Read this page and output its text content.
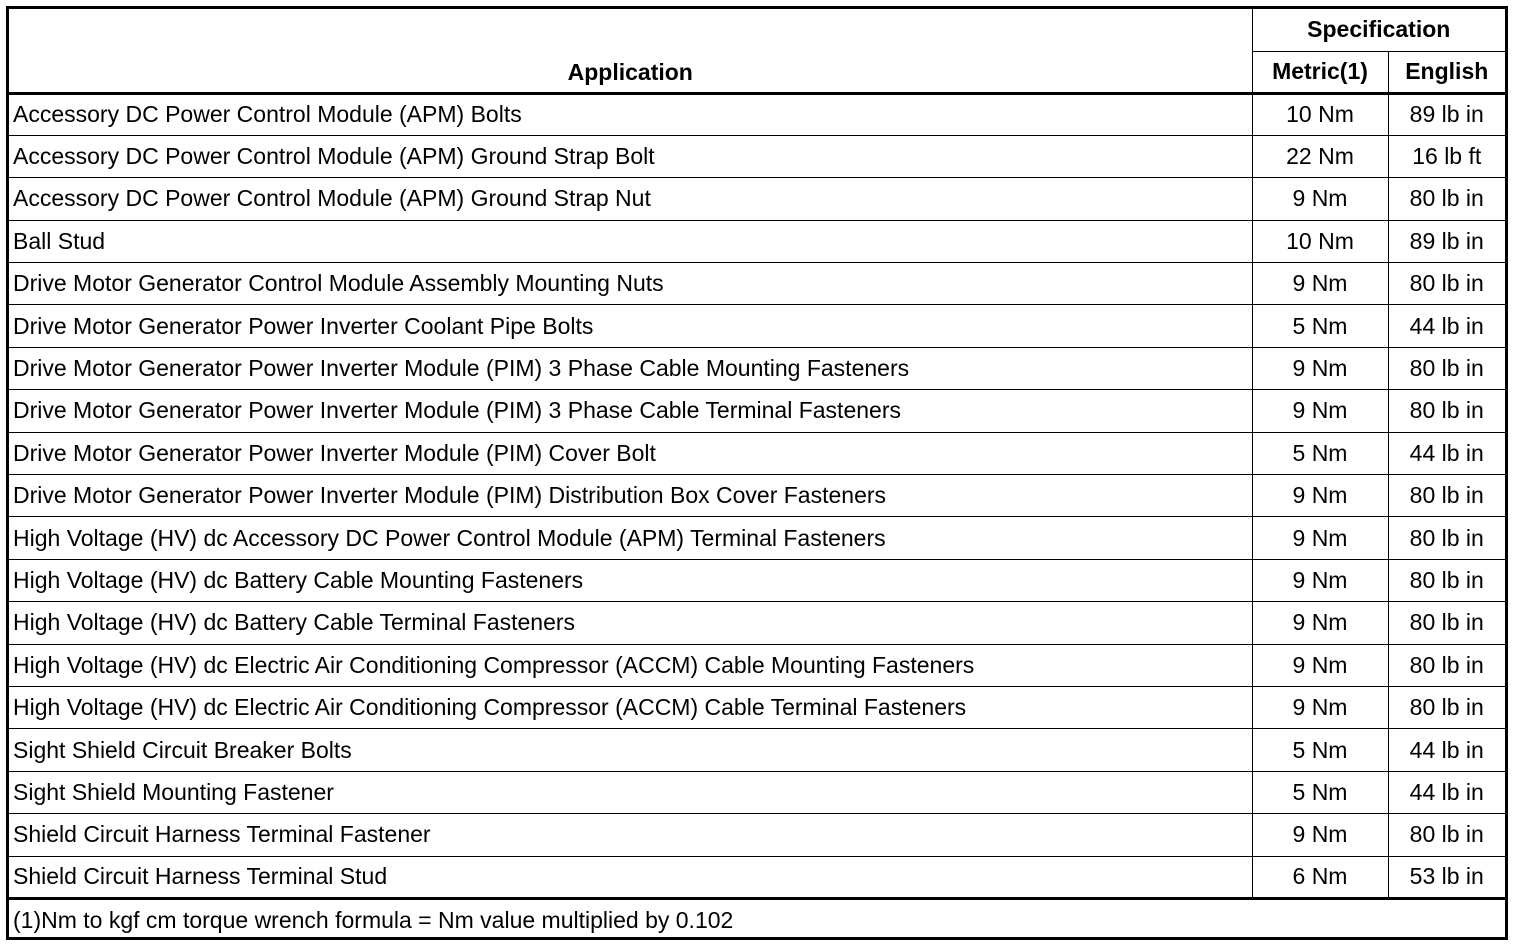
Application	Specification	
	Metric(1)	English
Accessory DC Power Control Module (APM) Bolts	10 Nm	89 lb in
Accessory DC Power Control Module (APM) Ground Strap Bolt	22 Nm	16 lb ft
Accessory DC Power Control Module (APM) Ground Strap Nut	9 Nm	80 lb in
Ball Stud	10 Nm	89 lb in
Drive Motor Generator Control Module Assembly Mounting Nuts	9 Nm	80 lb in
Drive Motor Generator Power Inverter Coolant Pipe Bolts	5 Nm	44 lb in
Drive Motor Generator Power Inverter Module (PIM) 3 Phase Cable Mounting Fasteners	9 Nm	80 lb in
Drive Motor Generator Power Inverter Module (PIM) 3 Phase Cable Terminal Fasteners	9 Nm	80 lb in
Drive Motor Generator Power Inverter Module (PIM) Cover Bolt	5 Nm	44 lb in
Drive Motor Generator Power Inverter Module (PIM) Distribution Box Cover Fasteners	9 Nm	80 lb in
High Voltage (HV) dc Accessory DC Power Control Module (APM) Terminal Fasteners	9 Nm	80 lb in
High Voltage (HV) dc Battery Cable Mounting Fasteners	9 Nm	80 lb in
High Voltage (HV) dc Battery Cable Terminal Fasteners	9 Nm	80 lb in
High Voltage (HV) dc Electric Air Conditioning Compressor (ACCM) Cable Mounting Fasteners	9 Nm	80 lb in
High Voltage (HV) dc Electric Air Conditioning Compressor (ACCM) Cable Terminal Fasteners	9 Nm	80 lb in
Sight Shield Circuit Breaker Bolts	5 Nm	44 lb in
Sight Shield Mounting Fastener	5 Nm	44 lb in
Shield Circuit Harness Terminal Fastener	9 Nm	80 lb in
Shield Circuit Harness Terminal Stud	6 Nm	53 lb in
(1)Nm to kgf cm torque wrench formula = Nm value multiplied by 0.102		
